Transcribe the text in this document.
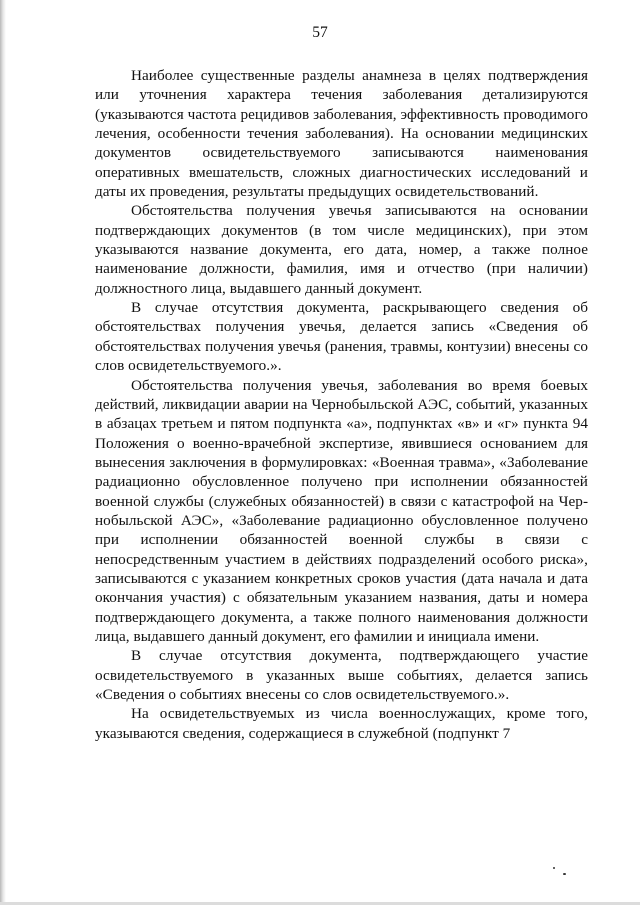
57

Наиболее существенные разделы анамнеза в целях подтверждения или уточнения характера течения заболевания детализируются (указываются частота рецидивов заболевания, эффективность проводимого лечения, особенности течения заболевания). На основании медицинских документов освидетельствуемого записываются наименования оперативных вмешательств, сложных диагностических исследований и даты их проведения, результаты предыдущих освидетельствований.

Обстоятельства получения увечья записываются на основании подтверждающих документов (в том числе медицинских), при этом указываются название документа, его дата, номер, а также полное наименование должности, фамилия, имя и отчество (при наличии) должностного лица, выдавшего данный документ.

В случае отсутствия документа, раскрывающего сведения об обстоятельствах получения увечья, делается запись «Сведения об обстоятельствах получения увечья (ранения, травмы, контузии) внесены со слов освидетельствуемого.».

Обстоятельства получения увечья, заболевания во время боевых действий, ликвидации аварии на Чернобыльской АЭС, событий, указанных в абзацах третьем и пятом подпункта «а», подпунктах «в» и «г» пункта 94 Положения о военно-врачебной экспертизе, явившиеся основанием для вынесения заключения в формулировках: «Военная травма», «Заболевание радиационно обусловленное получено при исполнении обязанностей военной службы (служебных обязанностей) в связи с катастрофой на Чернобыльской АЭС», «Заболевание радиационно обусловленное получено при исполнении обязанностей военной службы в связи с непосредственным участием в действиях подразделений особого риска», записываются с указанием конкретных сроков участия (дата начала и дата окончания участия) с обязательным указанием названия, даты и номера подтверждающего документа, а также полного наименования должности лица, выдавшего данный документ, его фамилии и инициала имени.

В случае отсутствия документа, подтверждающего участие освидетельствуемого в указанных выше событиях, делается запись «Сведения о событиях внесены со слов освидетельствуемого.».

На освидетельствуемых из числа военнослужащих, кроме того, указываются сведения, содержащиеся в служебной (подпункт 7
